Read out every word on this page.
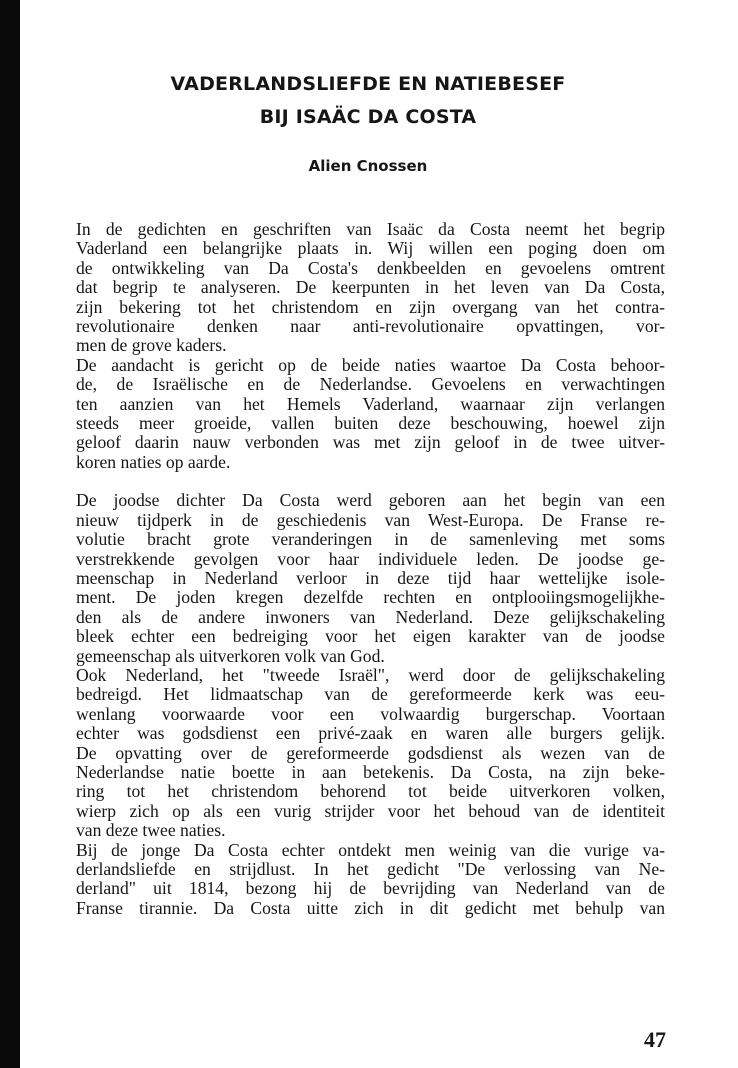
VADERLANDSLIEFDE EN NATIEBESEF
BIJ ISAÄC DA COSTA

Alien Cnossen

In de gedichten en geschriften van Isaäc da Costa neemt het begrip
Vaderland een belangrijke plaats in. Wij willen een poging doen om
de ontwikkeling van Da Costa's denkbeelden en gevoelens omtrent
dat begrip te analyseren. De keerpunten in het leven van Da Costa,
zijn bekering tot het christendom en zijn overgang van het contra-
revolutionaire denken naar anti-revolutionaire opvattingen, vor-
men de grove kaders.
De aandacht is gericht op de beide naties waartoe Da Costa behoor-
de, de Israëlische en de Nederlandse. Gevoelens en verwachtingen
ten aanzien van het Hemels Vaderland, waarnaar zijn verlangen
steeds meer groeide, vallen buiten deze beschouwing, hoewel zijn
geloof daarin nauw verbonden was met zijn geloof in de twee uitver-
koren naties op aarde.
De joodse dichter Da Costa werd geboren aan het begin van een
nieuw tijdperk in de geschiedenis van West-Europa. De Franse re-
volutie bracht grote veranderingen in de samenleving met soms
verstrekkende gevolgen voor haar individuele leden. De joodse ge-
meenschap in Nederland verloor in deze tijd haar wettelijke isole-
ment. De joden kregen dezelfde rechten en ontplooiingsmogelijkhe-
den als de andere inwoners van Nederland. Deze gelijkschakeling
bleek echter een bedreiging voor het eigen karakter van de joodse
gemeenschap als uitverkoren volk van God.
Ook Nederland, het "tweede Israël", werd door de gelijkschakeling
bedreigd. Het lidmaatschap van de gereformeerde kerk was eeu-
wenlang voorwaarde voor een volwaardig burgerschap. Voortaan
echter was godsdienst een privé-zaak en waren alle burgers gelijk.
De opvatting over de gereformeerde godsdienst als wezen van de
Nederlandse natie boette in aan betekenis. Da Costa, na zijn beke-
ring tot het christendom behorend tot beide uitverkoren volken,
wierp zich op als een vurig strijder voor het behoud van de identiteit
van deze twee naties.
Bij de jonge Da Costa echter ontdekt men weinig van die vurige va-
derlandsliefde en strijdlust. In het gedicht "De verlossing van Ne-
derland" uit 1814, bezong hij de bevrijding van Nederland van de
Franse tirannie. Da Costa uitte zich in dit gedicht met behulp van

47
